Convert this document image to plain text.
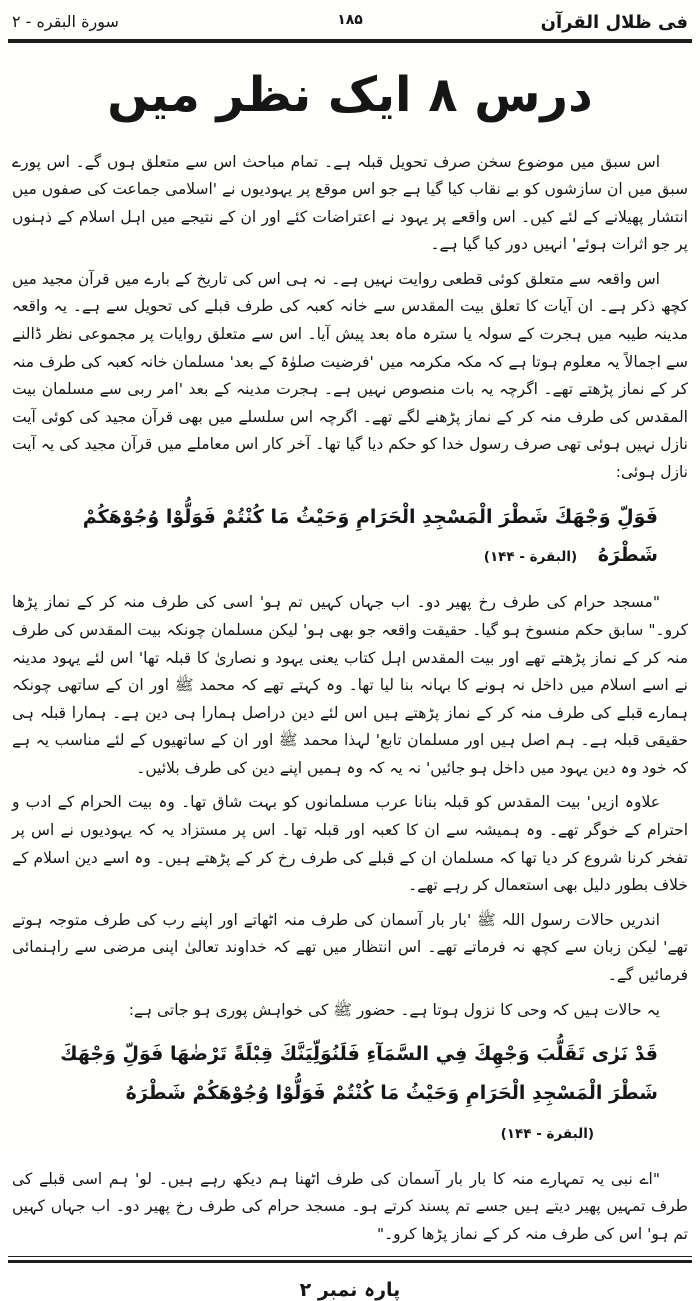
فی ظلال القرآن
۱۸۵
سورة البقره - ۲
درس ۸ ایک نظر میں

اس سبق میں موضوع سخن صرف تحویل قبلہ ہے۔ تمام مباحث اس سے متعلق ہوں گے۔ اس پورے سبق میں ان سازشوں کو بے نقاب کیا گیا ہے جو اس موقع پر یہودیوں نے 'اسلامی جماعت کی صفوں میں انتشار پھیلانے کے لئے کیں۔ اس واقعے پر یہود نے اعتراضات کئے اور ان کے نتیجے میں اہل اسلام کے ذہنوں پر جو اثرات ہوئے' انہیں دور کیا گیا ہے۔

اس واقعہ سے متعلق کوئی قطعی روایت نہیں ہے۔ نہ ہی اس کی تاریخ کے بارے میں قرآن مجید میں کچھ ذکر ہے۔ ان آیات کا تعلق بیت المقدس سے خانہ کعبہ کی طرف قبلے کی تحویل سے ہے۔ یہ واقعہ مدینہ طیبہ میں ہجرت کے سولہ یا سترہ ماہ بعد پیش آیا۔ اس سے متعلق روایات پر مجموعی نظر ڈالنے سے اجمالاً یہ معلوم ہوتا ہے کہ مکہ مکرمہ میں 'فرضیت صلوٰۃ کے بعد' مسلمان خانہ کعبہ کی طرف منہ کر کے نماز پڑھتے تھے۔ اگرچہ یہ بات منصوص نہیں ہے۔ ہجرت مدینہ کے بعد 'امر ربی سے مسلمان بیت المقدس کی طرف منہ کر کے نماز پڑھنے لگے تھے۔ اگرچہ اس سلسلے میں بھی قرآن مجید کی کوئی آیت نازل نہیں ہوئی تھی صرف رسول خدا کو حکم دیا گیا تھا۔ آخر کار اس معاملے میں قرآن مجید کی یہ آیت نازل ہوئی:

فَوَلِّ وَجْهَكَ شَطْرَ الْمَسْجِدِ الْحَرَامِ وَحَيْثُ مَا كُنْتُمْ فَوَلُّوْا وُجُوْهَكُمْ شَطْرَهُ (البقرة - ۱۴۴)

"مسجد حرام کی طرف رخ پھیر دو۔ اب جہاں کہیں تم ہو' اسی کی طرف منہ کر کے نماز پڑھا کرو۔" سابق حکم منسوخ ہو گیا۔ حقیقت واقعہ جو بھی ہو' لیکن مسلمان چونکہ بیت المقدس کی طرف منہ کر کے نماز پڑھتے تھے اور بیت المقدس اہل کتاب یعنی یہود و نصاریٰ کا قبلہ تھا' اس لئے یہود مدینہ نے اسے اسلام میں داخل نہ ہونے کا بہانہ بنا لیا تھا۔ وہ کہتے تھے کہ محمد ﷺ اور ان کے ساتھی چونکہ ہمارے قبلے کی طرف منہ کر کے نماز پڑھتے ہیں اس لئے دین دراصل ہمارا ہی دین ہے۔ ہمارا قبلہ ہی حقیقی قبلہ ہے۔ ہم اصل ہیں اور مسلمان تابع' لہذا محمد ﷺ اور ان کے ساتھیوں کے لئے مناسب یہ ہے کہ خود وہ دین یہود میں داخل ہو جائیں' نہ یہ کہ وہ ہمیں اپنے دین کی طرف بلائیں۔

علاوہ ازیں' بیت المقدس کو قبلہ بنانا عرب مسلمانوں کو بہت شاق تھا۔ وہ بیت الحرام کے ادب و احترام کے خوگر تھے۔ وہ ہمیشہ سے ان کا کعبہ اور قبلہ تھا۔ اس پر مستزاد یہ کہ یہودیوں نے اس پر تفخر کرنا شروع کر دیا تھا کہ مسلمان ان کے قبلے کی طرف رخ کر کے پڑھتے ہیں۔ وہ اسے دین اسلام کے خلاف بطور دلیل بھی استعمال کر رہے تھے۔

اندریں حالات رسول اللہ ﷺ 'بار بار آسمان کی طرف منہ اٹھاتے اور اپنے رب کی طرف متوجہ ہوتے تھے' لیکن زبان سے کچھ نہ فرماتے تھے۔ اس انتظار میں تھے کہ خداوند تعالیٰ اپنی مرضی سے راہنمائی فرمائیں گے۔

یہ حالات ہیں کہ وحی کا نزول ہوتا ہے۔ حضور ﷺ کی خواہش پوری ہو جاتی ہے:

قَدْ نَرٰى تَقَلُّبَ وَجْهِكَ فِي السَّمَآءِ فَلَنُوَلِّيَنَّكَ قِبْلَةً تَرْضٰهَا فَوَلِّ وَجْهَكَ شَطْرَ الْمَسْجِدِ الْحَرَامِ وَحَيْثُ مَا كُنْتُمْ فَوَلُّوْا وُجُوْهَكُمْ شَطْرَهُ (البقرة - ۱۴۴)

"اے نبی یہ تمہارے منہ کا بار بار آسمان کی طرف اٹھنا ہم دیکھ رہے ہیں۔ لو' ہم اسی قبلے کی طرف تمہیں پھیر دیتے ہیں جسے تم پسند کرتے ہو۔ مسجد حرام کی طرف رخ پھیر دو۔ اب جہاں کہیں تم ہو' اس کی طرف منہ کر کے نماز پڑھا کرو۔"

پارہ نمبر ۲
